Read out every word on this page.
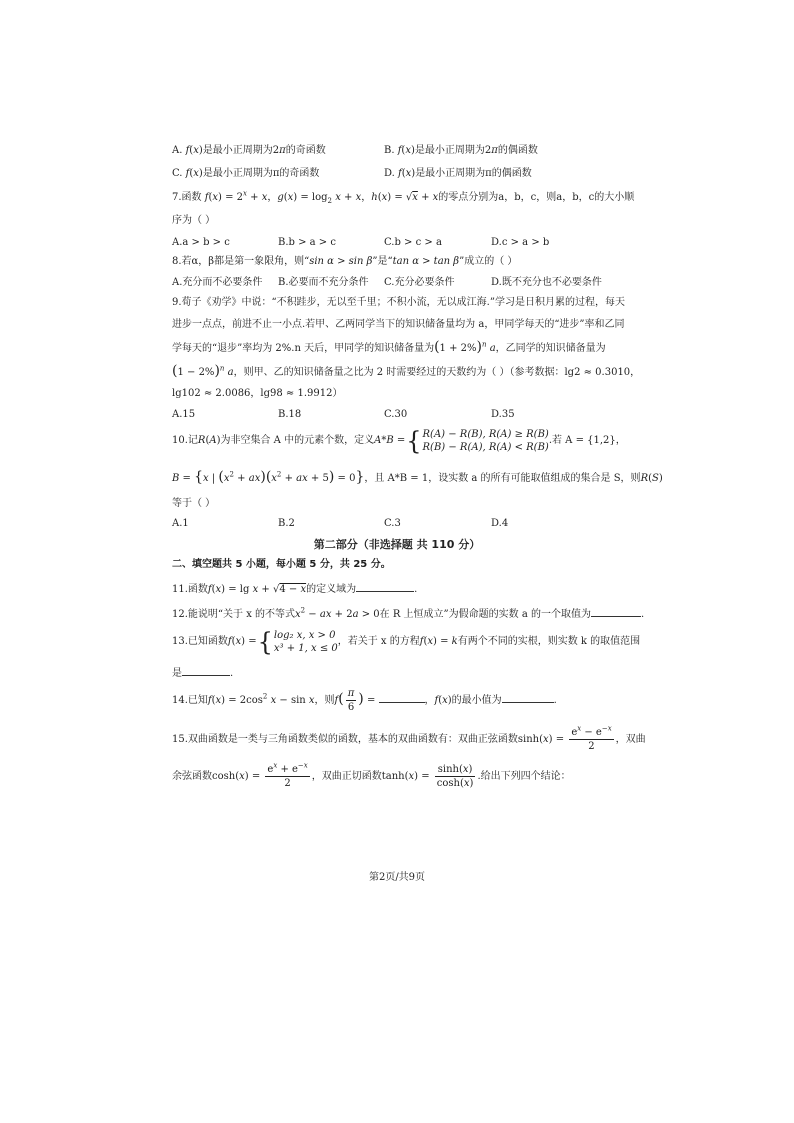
A. f(x)是最小正周期为2π的奇函数	B. f(x)是最小正周期为2π的偶函数
C. f(x)是最小正周期为π的奇函数	D. f(x)是最小正周期为π的偶函数
7.函数 $f(x) = 2^x + x$，$g(x) = \log_2 x + x$，h(x) = √x + x的零点分别为a，b，c，则a，b，c的大小顺
序为（ ）
A.a > b > c	B.b > a > c	C.b > c > a	D.c > a > b
8.若α，β都是第一象限角，则“sin α > sin β”是“tan α > tan β”成立的（ ）
A.充分而不必要条件 B.必要而不充分条件 C.充分必要条件	D.既不充分也不必要条件
9.荀子《劝学》中说：“不积跬步，无以至千里；不积小流，无以成江海.”学习是日积月累的过程，每天
进步一点点，前进不止一小点.若甲、乙两同学当下的知识储备量均为 a，甲同学每天的“进步”率和乙同
学每天的“退步”率均为 2%.n 天后，甲同学的知识储备量为$(1 + 2\%)^n$ a，乙同学的知识储备量为
$(1 - 2\%)^n$ a，则甲、乙的知识储备量之比为 2 时需要经过的天数约为（ ）（参考数据：lg2 ≈ 0.3010，
lg102 ≈ 2.0086，lg98 ≈ 1.9912）
A.15	B.18	C.30	D.35
10.记R(A)为非空集合 A 中的元素个数，定义A*B ={ R(A) − R(B), R(A) ≥ R(B)
R(B) − R(A), R(A) < R(B)
.若 A = {1,2}，
B = {x | $(x^2 + ax)(x^2$ + ax + 5) = 0}，且 A*B = 1，设实数 a 的所有可能取值组成的集合是 S，则R(S)
等于（ ）
A.1	B.2	C.3	D.4
第二部分（非选择题 共 110 分）
二、填空题共 5 小题，每小题 5 分，共 25 分。
11.函数f(x) = lg x + √4 − x的定义域为	.
12.能说明“关于 x 的不等式$x^2$ − ax + 2a > 0在 R 上恒成立”为假命题的实数 a 的一个取值为	.
13.已知函数f(x) ={ log₂ x, x > 0
x³ + 1, x ≤ 0
，若关于 x 的方程f(x) = k有两个不同的实根，则实数 k 的取值范围
是	.
14.已知$f(x) = 2\cos^2$ x − sin x，则$f( \frac{\pi}{6}$ ) =	，f(x)的最小值为	.
15.双曲函数是一类与三角函数类似的函数，基本的双曲函数有：双曲正弦函数$\sinh(x) = \frac{e^x - e^{-x}}{2}$ ，双曲
余弦函数$\cosh(x) = \frac{e^x + e^{-x}}{2}$ ，双曲正切函数$\tanh(x) = \frac{\sinh(x)}{\cosh(x)}$ .给出下列四个结论：
第2页/共9页
